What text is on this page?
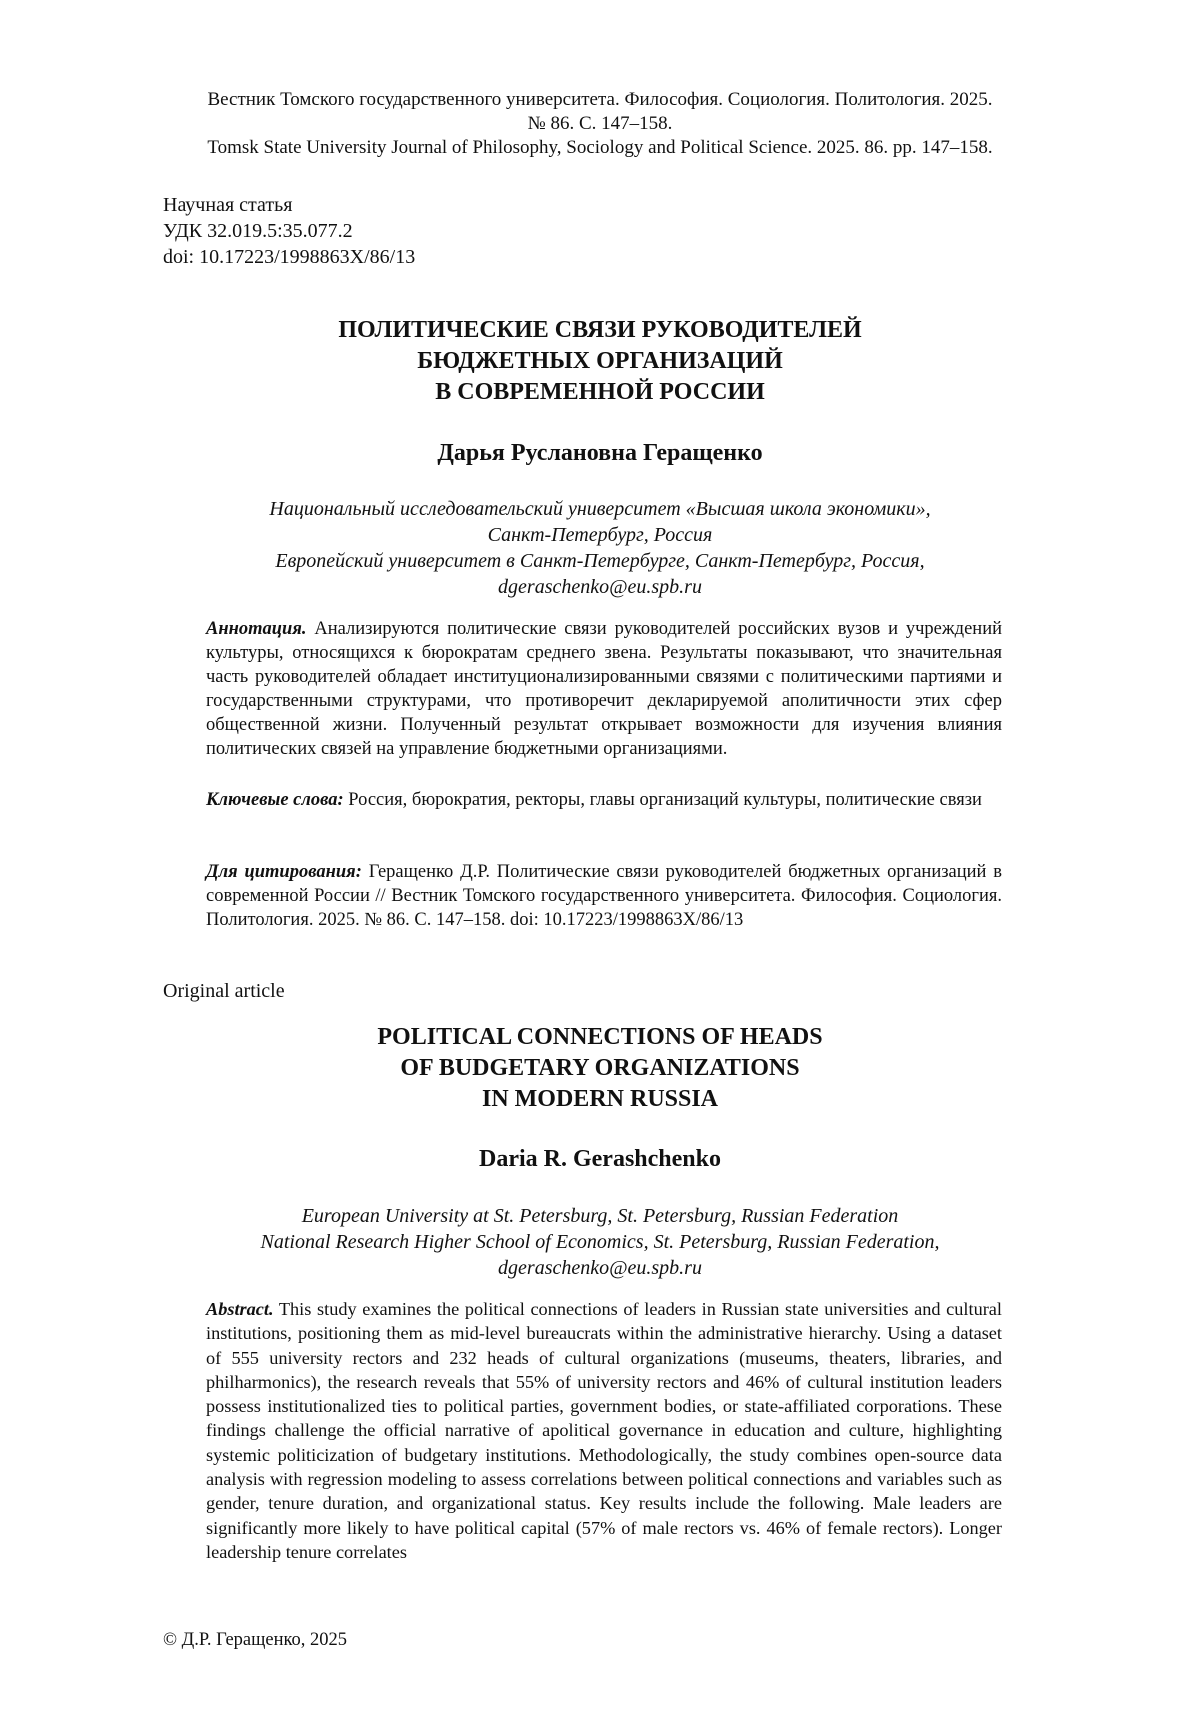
Вестник Томского государственного университета. Философия. Социология. Политология. 2025.
№ 86. С. 147–158.
Tomsk State University Journal of Philosophy, Sociology and Political Science. 2025. 86. pp. 147–158.
Научная статья
УДК 32.019.5:35.077.2
doi: 10.17223/1998863X/86/13
ПОЛИТИЧЕСКИЕ СВЯЗИ РУКОВОДИТЕЛЕЙ
БЮДЖЕТНЫХ ОРГАНИЗАЦИЙ
В СОВРЕМЕННОЙ РОССИИ
Дарья Руслановна Геращенко
Национальный исследовательский университет «Высшая школа экономики»,
Санкт-Петербург, Россия
Европейский университет в Санкт-Петербурге, Санкт-Петербург, Россия,
dgeraschenko@eu.spb.ru
Аннотация. Анализируются политические связи руководителей российских вузов и учреждений культуры, относящихся к бюрократам среднего звена. Результаты показывают, что значительная часть руководителей обладает институционализированными связями с политическими партиями и государственными структурами, что противоречит декларируемой аполитичности этих сфер общественной жизни. Полученный результат открывает возможности для изучения влияния политических связей на управление бюджетными организациями.
Ключевые слова: Россия, бюрократия, ректоры, главы организаций культуры, политические связи
Для цитирования: Геращенко Д.Р. Политические связи руководителей бюджетных организаций в современной России // Вестник Томского государственного университета. Философия. Социология. Политология. 2025. № 86. С. 147–158. doi: 10.17223/1998863X/86/13
Original article
POLITICAL CONNECTIONS OF HEADS
OF BUDGETARY ORGANIZATIONS
IN MODERN RUSSIA
Daria R. Gerashchenko
European University at St. Petersburg, St. Petersburg, Russian Federation
National Research Higher School of Economics, St. Petersburg, Russian Federation,
dgeraschenko@eu.spb.ru
Abstract. This study examines the political connections of leaders in Russian state universities and cultural institutions, positioning them as mid-level bureaucrats within the administrative hierarchy. Using a dataset of 555 university rectors and 232 heads of cultural organizations (museums, theaters, libraries, and philharmonics), the research reveals that 55% of university rectors and 46% of cultural institution leaders possess institutionalized ties to political parties, government bodies, or state-affiliated corporations. These findings challenge the official narrative of apolitical governance in education and culture, highlighting systemic politicization of budgetary institutions. Methodologically, the study combines open-source data analysis with regression modeling to assess correlations between political connections and variables such as gender, tenure duration, and organizational status. Key results include the following. Male leaders are significantly more likely to have political capital (57% of male rectors vs. 46% of female rectors). Longer leadership tenure correlates
© Д.Р. Геращенко, 2025
